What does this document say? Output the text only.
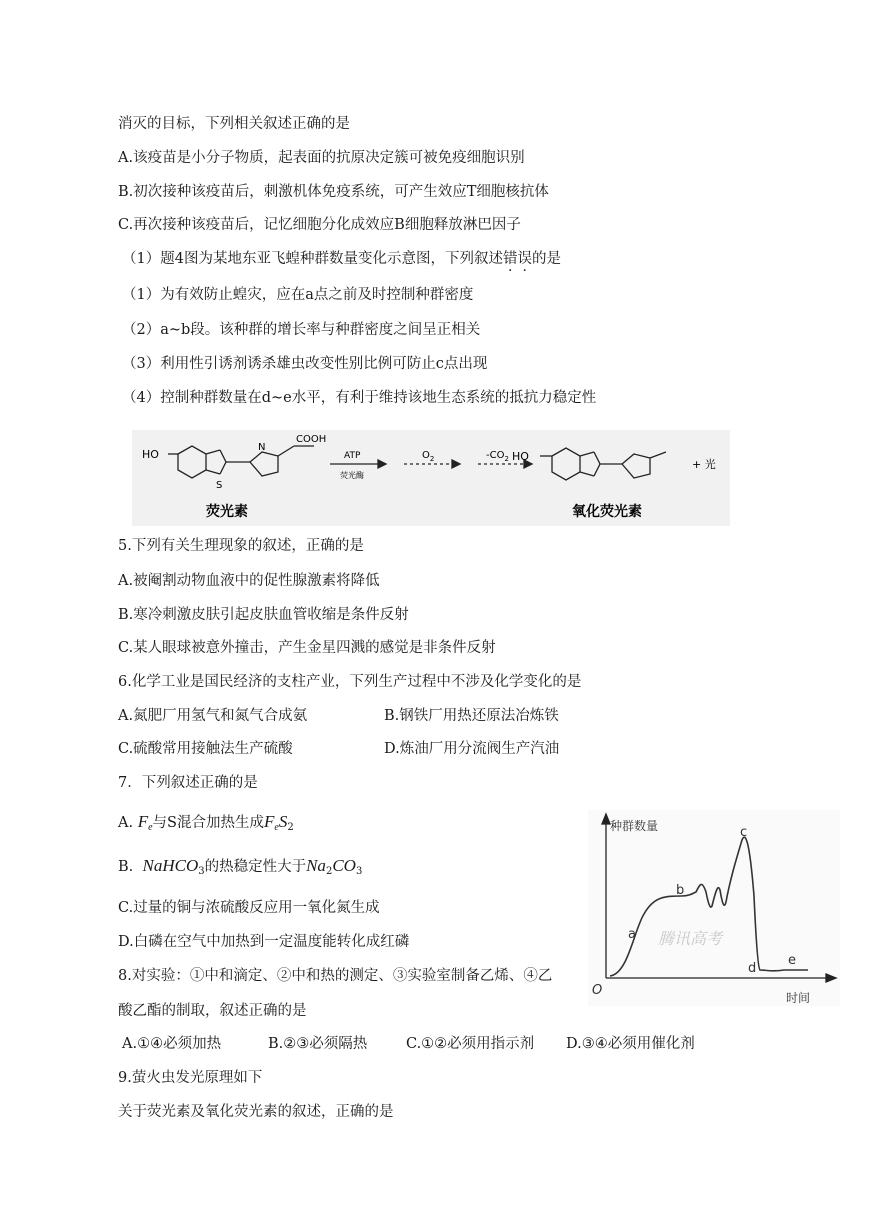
消灭的目标，下列相关叙述正确的是
A.该疫苗是小分子物质，起表面的抗原决定簇可被免疫细胞识别
B.初次接种该疫苗后，刺激机体免疫系统，可产生效应T细胞核抗体
C.再次接种该疫苗后，记忆细胞分化成效应B细胞释放淋巴因子
（1）题4图为某地东亚飞蝗种群数量变化示意图，下列叙述错误的是
（1）为有效防止蝗灾，应在a点之前及时控制种群密度
（2）a~b段。该种群的增长率与种群密度之间呈正相关
（3）利用性引诱剂诱杀雄虫改变性别比例可防止c点出现
（4）控制种群数量在d~e水平，有利于维持该地生态系统的抵抗力稳定性
HO
S
N
COOH
ATP
荧光酶
$O_2$	$-CO_2$ HO
+ 光
荧光素	氧化荧光素
5.下列有关生理现象的叙述，正确的是
A.被阉割动物血液中的促性腺激素将降低
B.寒冷刺激皮肤引起皮肤血管收缩是条件反射
C.某人眼球被意外撞击，产生金星四溅的感觉是非条件反射
6.化学工业是国民经济的支柱产业，下列生产过程中不涉及化学变化的是
A.氮肥厂用氢气和氮气合成氨	B.钢铁厂用热还原法冶炼铁
C.硫酸常用接触法生产硫酸	D.炼油厂用分流阀生产汽油
7．下列叙述正确的是
A. $F_e$与S混合加热生成$F_eS_2$
B. NaHCO$_3$的热稳定性大于$Na_2CO_3$
C.过量的铜与浓硫酸反应用一氧化氮生成
D.白磷在空气中加热到一定温度能转化成红磷
种群数量
时间
O
a
b
c
d
e
腾讯高考
8.对实验：①中和滴定、②中和热的测定、③实验室制备乙烯、④乙
酸乙酯的制取，叙述正确的是
A.①④必须加热	B.②③必须隔热	C.①②必须用指示剂 D.③④必须用催化剂
9.萤火虫发光原理如下
关于荧光素及氧化荧光素的叙述，正确的是
